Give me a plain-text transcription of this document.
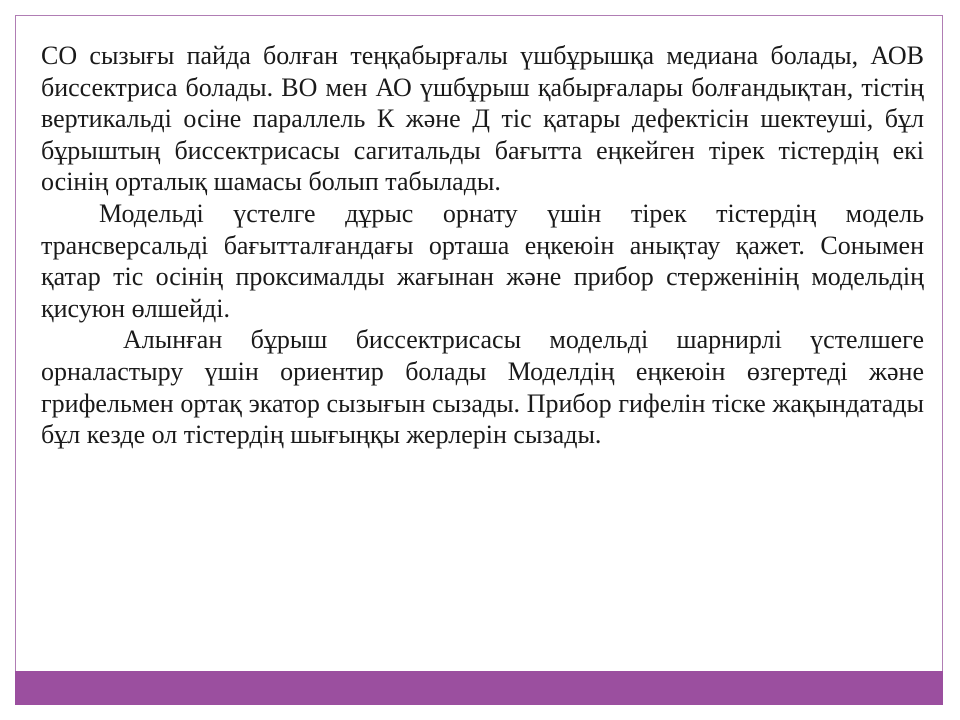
СО сызығы пайда болған теңқабырғалы үшбұрышқа медиана болады, АОВ биссектриса болады. ВО мен АО үшбұрыш қабырғалары болғандықтан, тістің вертикальді осіне параллель К және Д тіс қатары дефектісін шектеуші, бұл бұрыштың биссектрисасы сагитальды бағытта еңкейген тірек тістердің екі осінің орталық шамасы болып табылады.

Модельді үстелге дұрыс орнату үшін тірек тістердің модель трансверсальді бағытталғандағы орташа еңкеюін анықтау қажет. Сонымен қатар тіс осінің проксималды жағынан және прибор стерженінің модельдің қисуюн өлшейді.

Алынған бұрыш биссектрисасы модельді шарнирлі үстелшеге орналастыру үшін ориентир болады Моделдің еңкеюін өзгертеді және грифельмен ортақ экатор сызығын сызады. Прибор гифелін тіске жақындатады бұл кезде ол тістердің шығыңқы жерлерін сызады.
